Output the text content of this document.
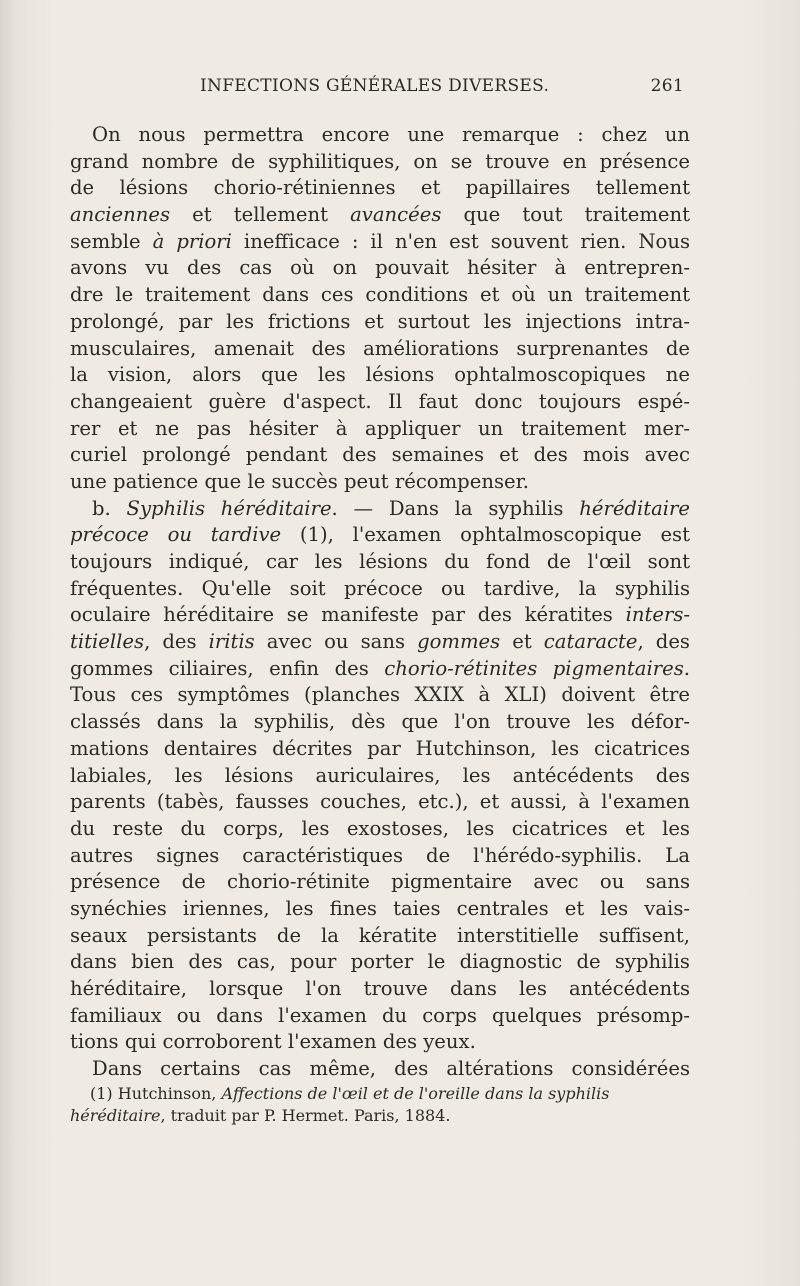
INFECTIONS GÉNÉRALES DIVERSES.	261
On nous permettra encore une remarque : chez un
grand nombre de syphilitiques, on se trouve en présence
de lésions chorio-rétiniennes et papillaires tellement
anciennes et tellement avancées que tout traitement
semble à priori inefficace : il n'en est souvent rien. Nous
avons vu des cas où on pouvait hésiter à entrepren-
dre le traitement dans ces conditions et où un traitement
prolongé, par les frictions et surtout les injections intra-
musculaires, amenait des améliorations surprenantes de
la vision, alors que les lésions ophtalmoscopiques ne
changeaient guère d'aspect. Il faut donc toujours espé-
rer et ne pas hésiter à appliquer un traitement mer-
curiel prolongé pendant des semaines et des mois avec
une patience que le succès peut récompenser.
b. Syphilis héréditaire. — Dans la syphilis héréditaire
précoce ou tardive (1), l'examen ophtalmoscopique est
toujours indiqué, car les lésions du fond de l'œil sont
fréquentes. Qu'elle soit précoce ou tardive, la syphilis
oculaire héréditaire se manifeste par des kératites inters-
titielles, des iritis avec ou sans gommes et cataracte, des
gommes ciliaires, enfin des chorio-rétinites pigmentaires.
Tous ces symptômes (planches XXIX à XLI) doivent être
classés dans la syphilis, dès que l'on trouve les défor-
mations dentaires décrites par Hutchinson, les cicatrices
labiales, les lésions auriculaires, les antécédents des
parents (tabès, fausses couches, etc.), et aussi, à l'examen
du reste du corps, les exostoses, les cicatrices et les
autres signes caractéristiques de l'hérédo-syphilis. La
présence de chorio-rétinite pigmentaire avec ou sans
synéchies iriennes, les fines taies centrales et les vais-
seaux persistants de la kératite interstitielle suffisent,
dans bien des cas, pour porter le diagnostic de syphilis
héréditaire, lorsque l'on trouve dans les antécédents
familiaux ou dans l'examen du corps quelques présomp-
tions qui corroborent l'examen des yeux.
Dans certains cas même, des altérations considérées
(1) Hutchinson, Affections de l'œil et de l'oreille dans la syphilis
héréditaire, traduit par P. Hermet. Paris, 1884.
